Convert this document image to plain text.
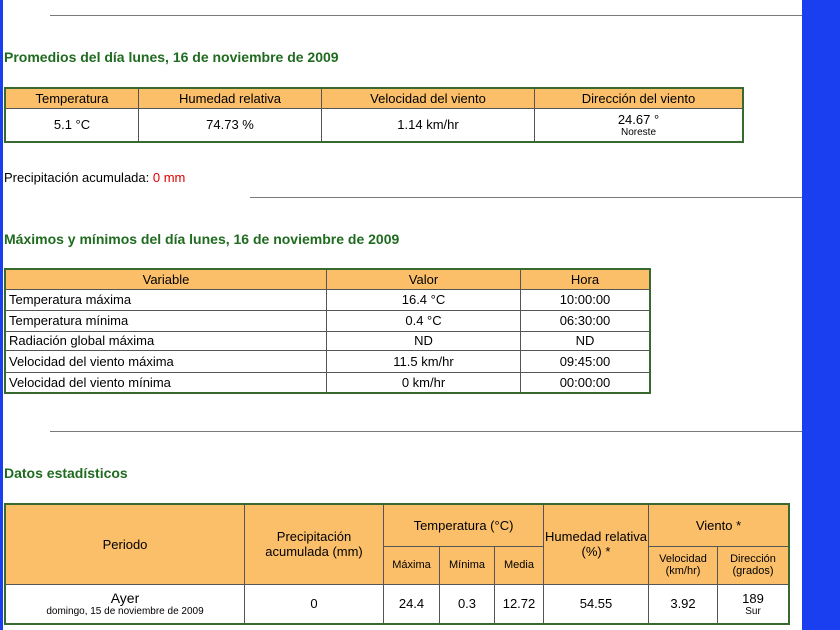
Promedios del día lunes, 16 de noviembre de 2009
Temperatura	Humedad relativa	Velocidad del viento	Dirección del viento
5.1 °C	74.73 %	1.14 km/hr	24.67 °
Noreste
Precipitación acumulada: 0 mm
Máximos y mínimos del día lunes, 16 de noviembre de 2009
Variable	Valor	Hora
Temperatura máxima	16.4 °C	10:00:00
Temperatura mínima	0.4 °C	06:30:00
Radiación global máxima	ND	ND
Velocidad del viento máxima	11.5 km/hr	09:45:00
Velocidad del viento mínima	0 km/hr	00:00:00
Datos estadísticos
Periodo	Precipitación acumulada (mm)	Temperatura (°C)			Humedad relativa (%) *	Viento *	
		Máxima	Mínima	Media		Velocidad (km/hr)	Dirección (grados)
Ayer
domingo, 15 de noviembre de 2009	0	24.4	0.3	12.72	54.55	3.92	189
Sur
